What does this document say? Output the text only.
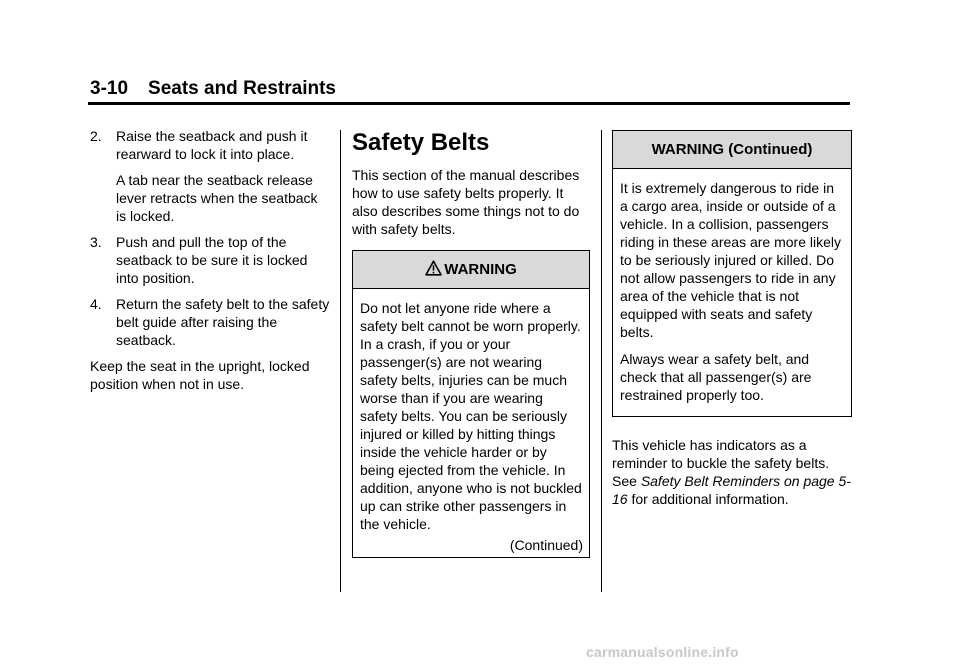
3-10 Seats and Restraints
2. Raise the seatback and push it rearward to lock it into place.
A tab near the seatback release lever retracts when the seatback is locked.
3. Push and pull the top of the seatback to be sure it is locked into position.
4. Return the safety belt to the safety belt guide after raising the seatback.

Keep the seat in the upright, locked position when not in use.

Safety Belts

This section of the manual describes how to use safety belts properly. It also describes some things not to do with safety belts.

WARNING

Do not let anyone ride where a safety belt cannot be worn properly. In a crash, if you or your passenger(s) are not wearing safety belts, injuries can be much worse than if you are wearing safety belts. You can be seriously injured or killed by hitting things inside the vehicle harder or by being ejected from the vehicle. In addition, anyone who is not buckled up can strike other passengers in the vehicle.

(Continued)
WARNING (Continued)

It is extremely dangerous to ride in a cargo area, inside or outside of a vehicle. In a collision, passengers riding in these areas are more likely to be seriously injured or killed. Do not allow passengers to ride in any area of the vehicle that is not equipped with seats and safety belts.

Always wear a safety belt, and check that all passenger(s) are restrained properly too.

This vehicle has indicators as a reminder to buckle the safety belts. See Safety Belt Reminders on page 5-16 for additional information.

carmanualsonline.info
